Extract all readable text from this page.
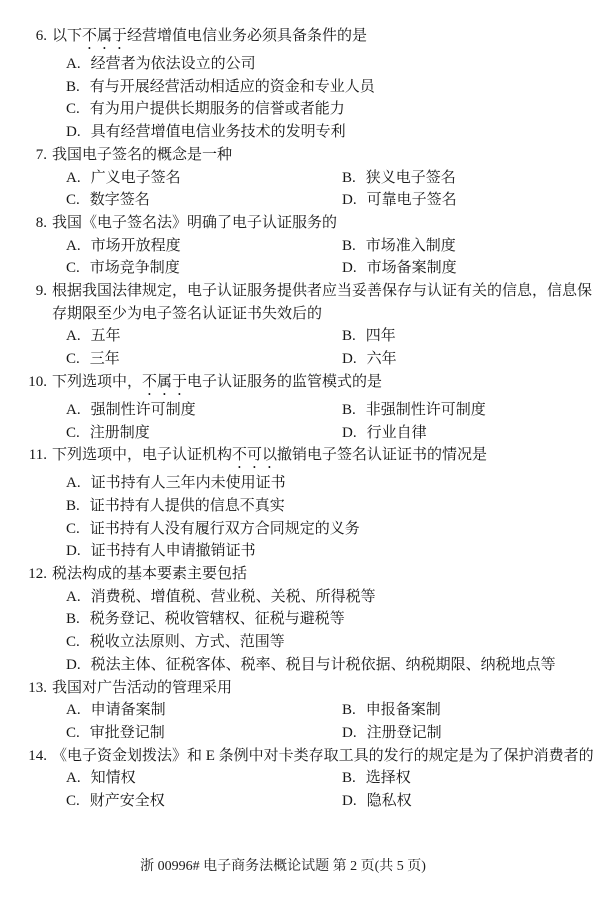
6. 以下不属于经营增值电信业务必须具备条件的是
A. 经营者为依法设立的公司
B. 有与开展经营活动相适应的资金和专业人员
C. 有为用户提供长期服务的信誉或者能力
D. 具有经营增值电信业务技术的发明专利
7. 我国电子签名的概念是一种
A. 广义电子签名	B. 狭义电子签名
C. 数字签名	D. 可靠电子签名
8. 我国《电子签名法》明确了电子认证服务的
A. 市场开放程度	B. 市场准入制度
C. 市场竞争制度	D. 市场备案制度
9. 根据我国法律规定，电子认证服务提供者应当妥善保存与认证有关的信息，信息保存期限至少为电子签名认证证书失效后的
A. 五年	B. 四年
C. 三年	D. 六年
10. 下列选项中，不属于电子认证服务的监管模式的是
A. 强制性许可制度	B. 非强制性许可制度
C. 注册制度	D. 行业自律
11. 下列选项中，电子认证机构不可以撤销电子签名认证证书的情况是
A. 证书持有人三年内未使用证书
B. 证书持有人提供的信息不真实
C. 证书持有人没有履行双方合同规定的义务
D. 证书持有人申请撤销证书
12. 税法构成的基本要素主要包括
A. 消费税、增值税、营业税、关税、所得税等
B. 税务登记、税收管辖权、征税与避税等
C. 税收立法原则、方式、范围等
D. 税法主体、征税客体、税率、税目与计税依据、纳税期限、纳税地点等
13. 我国对广告活动的管理采用
A. 申请备案制	B. 申报备案制
C. 审批登记制	D. 注册登记制
14. 《电子资金划拨法》和 E 条例中对卡类存取工具的发行的规定是为了保护消费者的
A. 知情权	B. 选择权
C. 财产安全权	D. 隐私权
浙 00996# 电子商务法概论试题 第 2 页(共 5 页)
